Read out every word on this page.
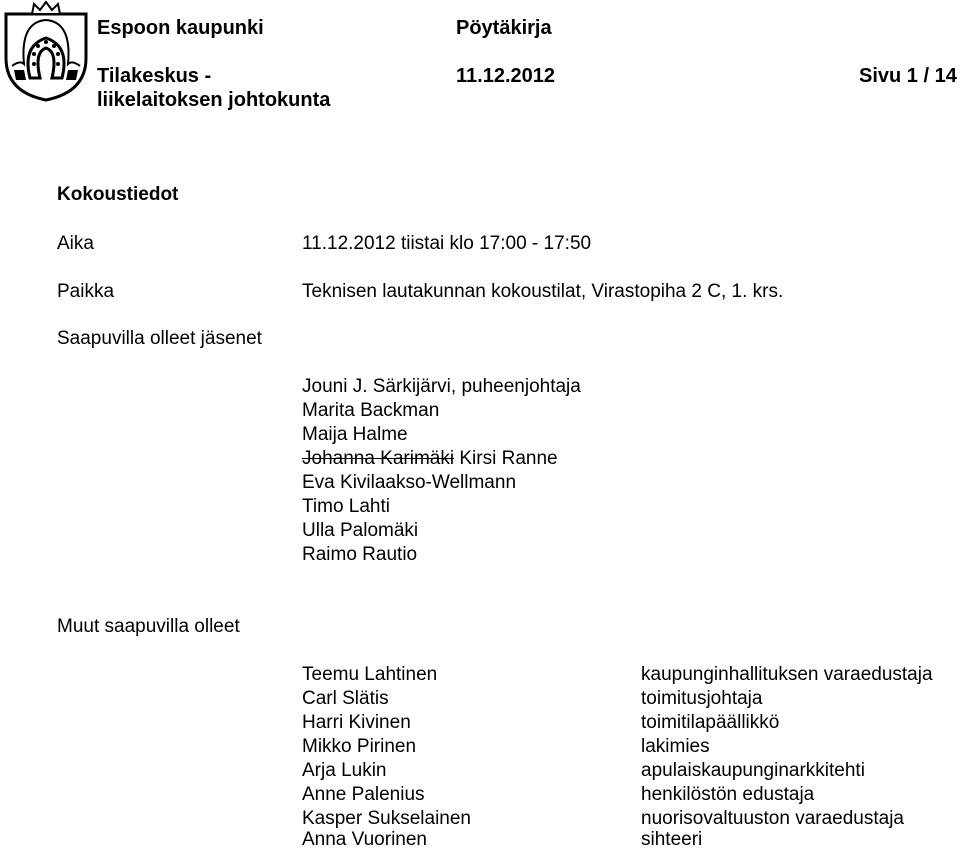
Espoon kaupunki	Pöytäkirja
Tilakeskus -
liikelaitoksen johtokunta
11.12.2012	Sivu 1 / 14
Kokoustiedot
Aika	11.12.2012 tiistai klo 17:00 - 17:50
Paikka	Teknisen lautakunnan kokoustilat, Virastopiha 2 C, 1. krs.
Saapuvilla olleet jäsenet
Jouni J. Särkijärvi, puheenjohtaja
Marita Backman
Maija Halme
Johanna Karimäki Kirsi Ranne
Eva Kivilaakso-Wellmann
Timo Lahti
Ulla Palomäki
Raimo Rautio
Muut saapuvilla olleet
Teemu Lahtinen	kaupunginhallituksen varaedustaja
Carl Slätis	toimitusjohtaja
Harri Kivinen	toimitilapäällikkö
Mikko Pirinen	lakimies
Arja Lukin	apulaiskaupunginarkkitehti
Anne Palenius	henkilöstön edustaja
Kasper Sukselainen	nuorisovaltuuston varaedustaja
Anna Vuorinen	sihteeri
